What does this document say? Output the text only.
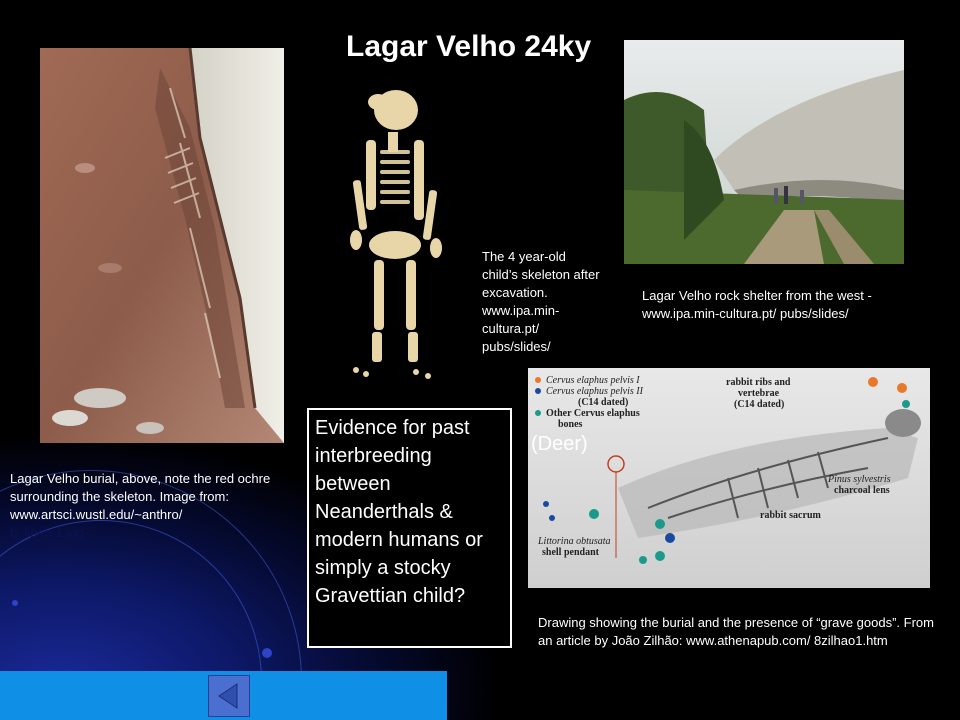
Lagar Velho 24ky
Cervus elaphus pelvis I
Cervus elaphus pelvis II
(C14 dated)
Other Cervus elaphus
bones
rabbit ribs and
vertebrae
(C14 dated)
Pinus sylvestris
charcoal lens
rabbit sacrum
Littorina obtusata
shell pendant
(Deer)
Lagar Velho burial, above, note the red ochre surrounding the skeleton. Image from: www.artsci.wustl.edu/~anthro/
b_lineh 1.jpg
The 4 year-old child’s skeleton after excavation. www.ipa.min-cultura.pt/ pubs/slides/
Lagar Velho rock shelter from the west - www.ipa.min-cultura.pt/ pubs/slides/
Drawing showing the burial and the presence of “grave goods”. From an article by João Zilhão: www.athenapub.com/ 8zilhao1.htm
Evidence for past interbreeding between Neanderthals & modern humans or simply a stocky Gravettian child?
